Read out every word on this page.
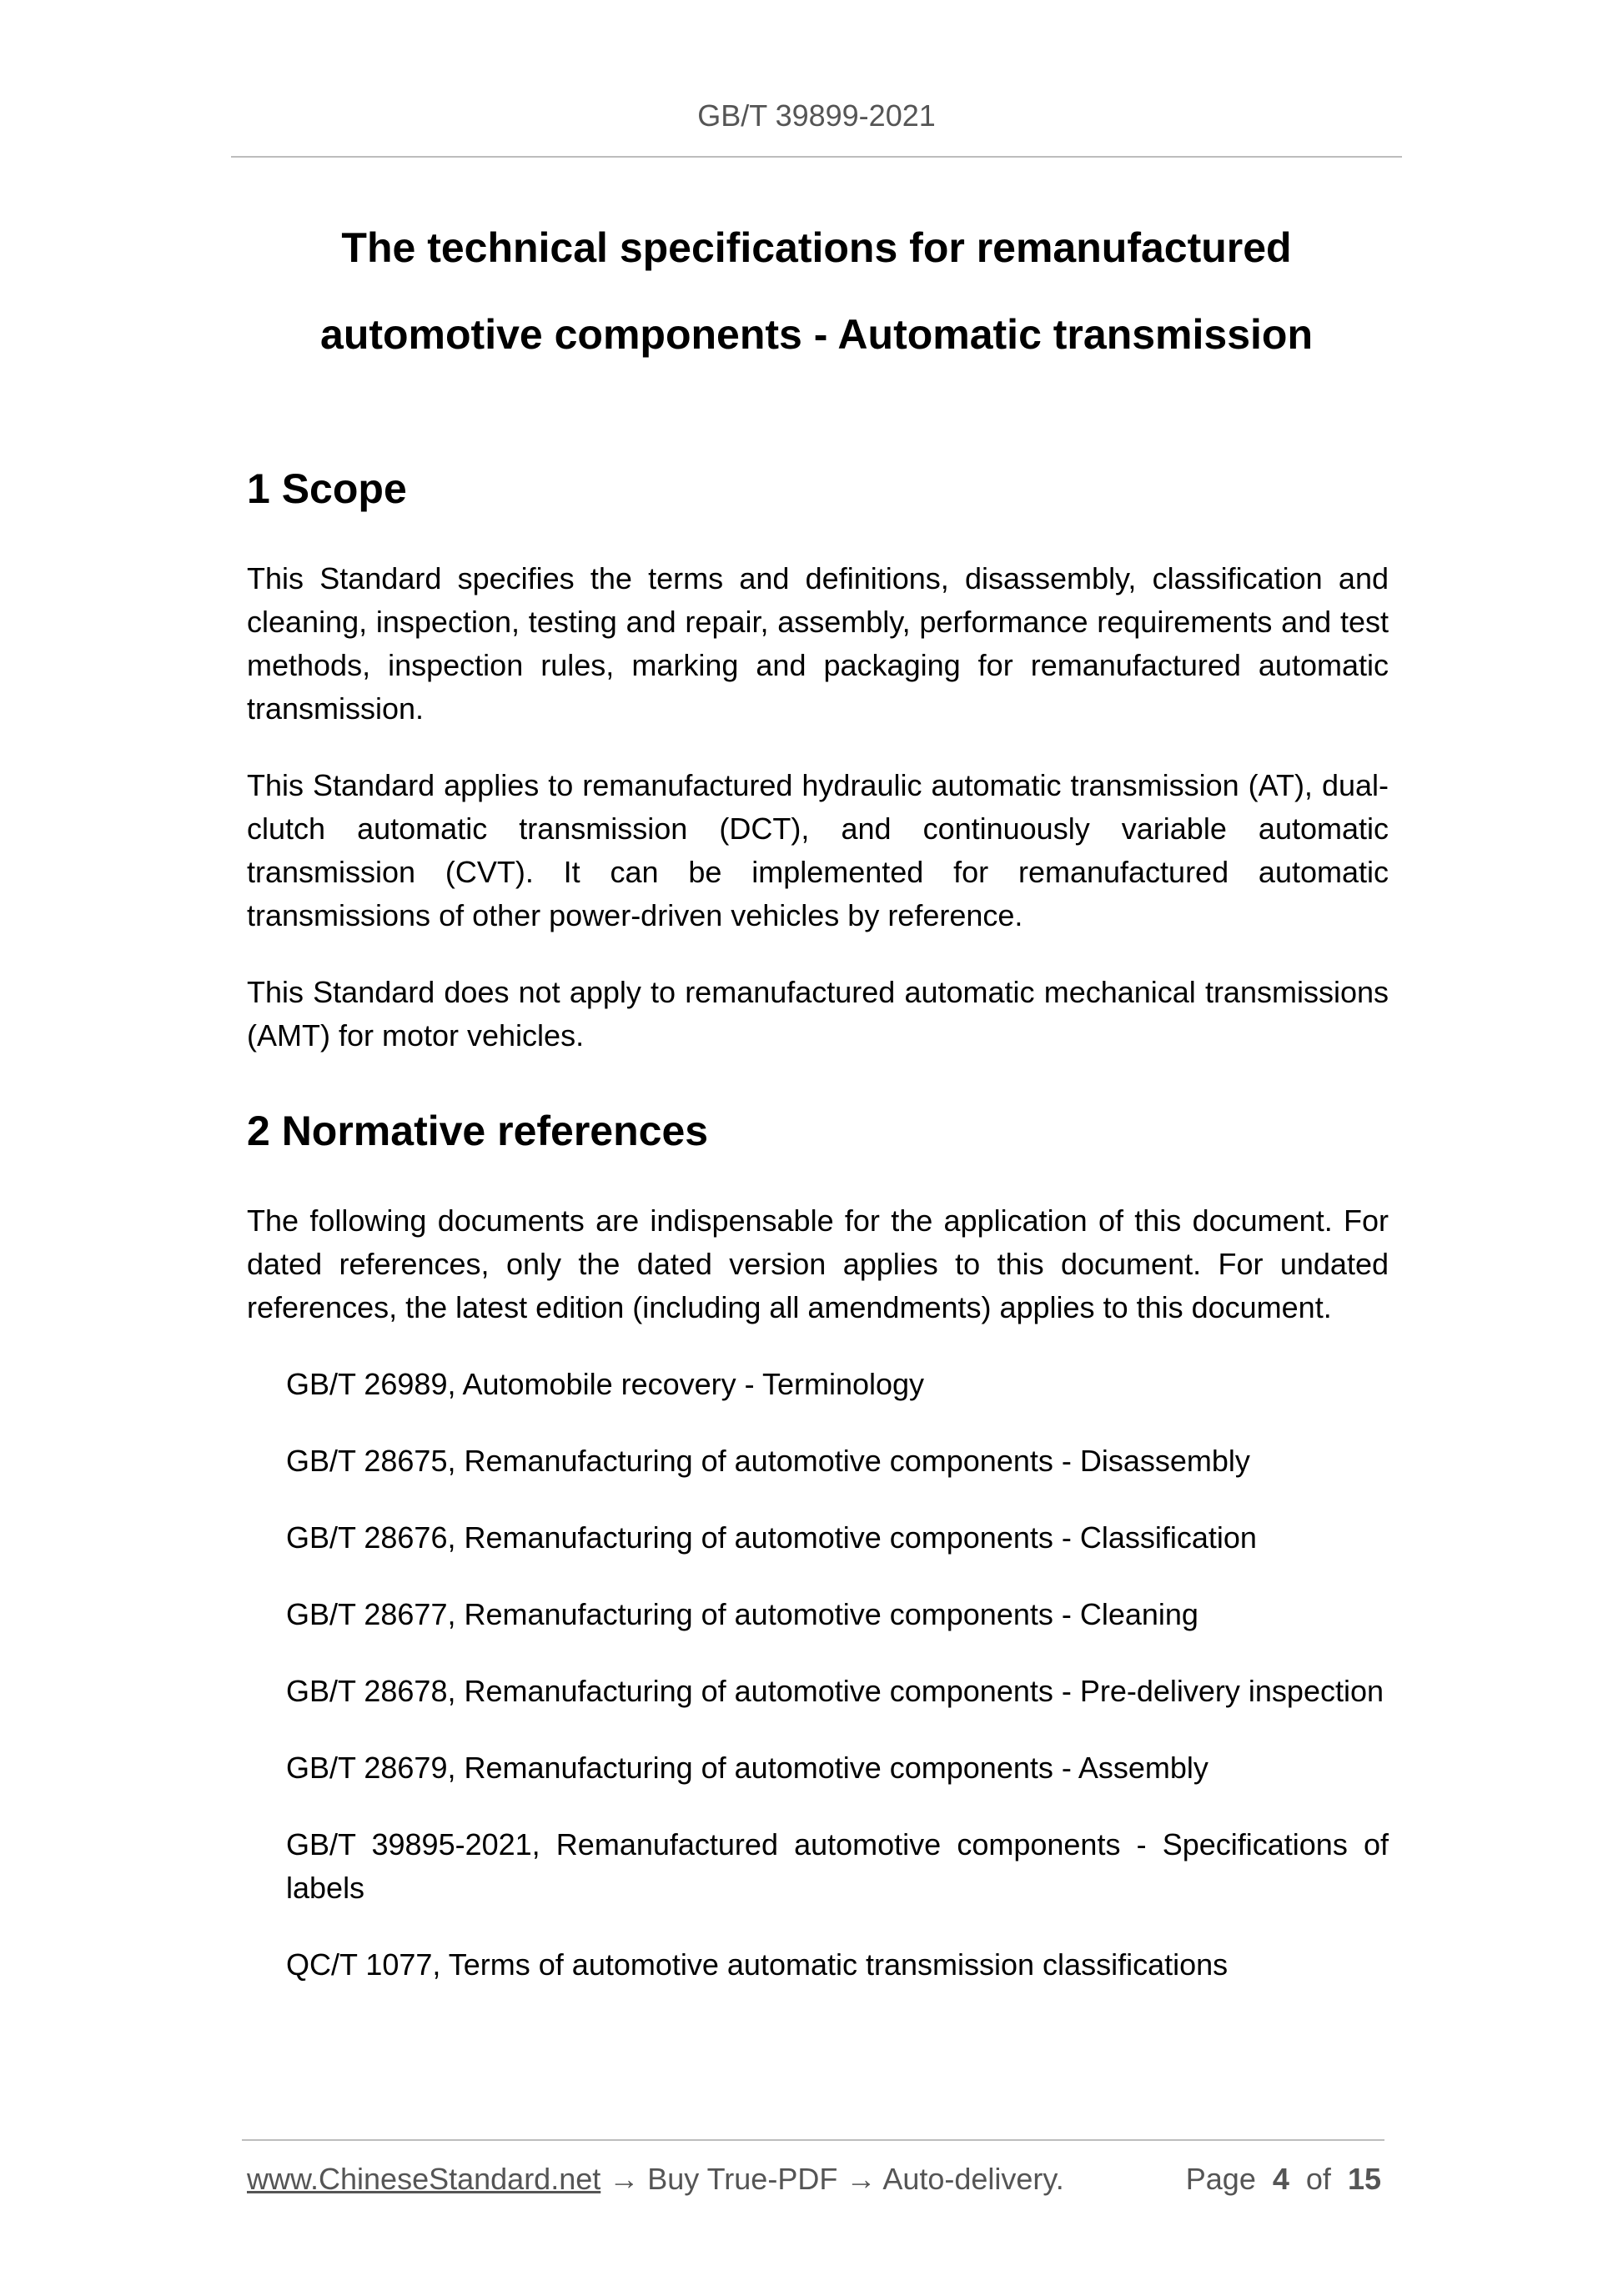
GB/T 39899-2021
The technical specifications for remanufactured
automotive components - Automatic transmission
1 Scope

This Standard specifies the terms and definitions, disassembly, classification and cleaning, inspection, testing and repair, assembly, performance requirements and test methods, inspection rules, marking and packaging for remanufactured automatic transmission.

This Standard applies to remanufactured hydraulic automatic transmission (AT), dual-clutch automatic transmission (DCT), and continuously variable automatic transmission (CVT). It can be implemented for remanufactured automatic transmissions of other power-driven vehicles by reference.

This Standard does not apply to remanufactured automatic mechanical transmissions (AMT) for motor vehicles.

2 Normative references

The following documents are indispensable for the application of this document. For dated references, only the dated version applies to this document. For undated references, the latest edition (including all amendments) applies to this document.

GB/T 26989, Automobile recovery - Terminology
GB/T 28675, Remanufacturing of automotive components - Disassembly
GB/T 28676, Remanufacturing of automotive components - Classification
GB/T 28677, Remanufacturing of automotive components - Cleaning
GB/T 28678, Remanufacturing of automotive components - Pre-delivery inspection
GB/T 28679, Remanufacturing of automotive components - Assembly
GB/T 39895-2021, Remanufactured automotive components - Specifications of labels
QC/T 1077, Terms of automotive automatic transmission classifications
www.ChineseStandard.net → Buy True-PDF → Auto-delivery.	Page 4 of 15
